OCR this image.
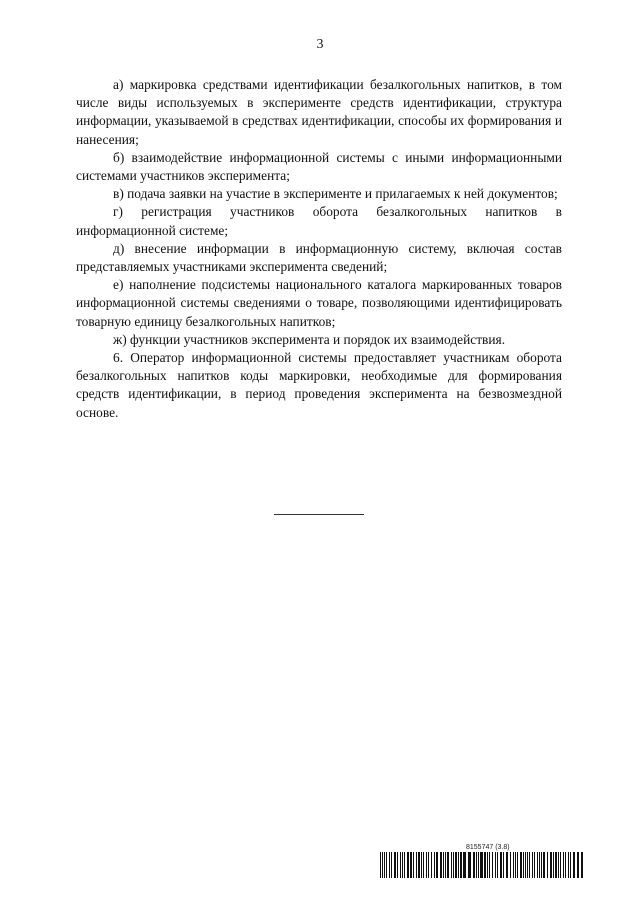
3

а) маркировка средствами идентификации безалкогольных напитков, в том числе виды используемых в эксперименте средств идентификации, структура информации, указываемой в средствах идентификации, способы их формирования и нанесения;

б) взаимодействие информационной системы с иными информационными системами участников эксперимента;

в) подача заявки на участие в эксперименте и прилагаемых к ней документов;

г) регистрация участников оборота безалкогольных напитков в информационной системе;

д) внесение информации в информационную систему, включая состав представляемых участниками эксперимента сведений;

е) наполнение подсистемы национального каталога маркированных товаров информационной системы сведениями о товаре, позволяющими идентифицировать товарную единицу безалкогольных напитков;

ж) функции участников эксперимента и порядок их взаимодействия.

6. Оператор информационной системы предоставляет участникам оборота безалкогольных напитков коды маркировки, необходимые для формирования средств идентификации, в период проведения эксперимента на безвозмездной основе.

8155747 (3.8)
